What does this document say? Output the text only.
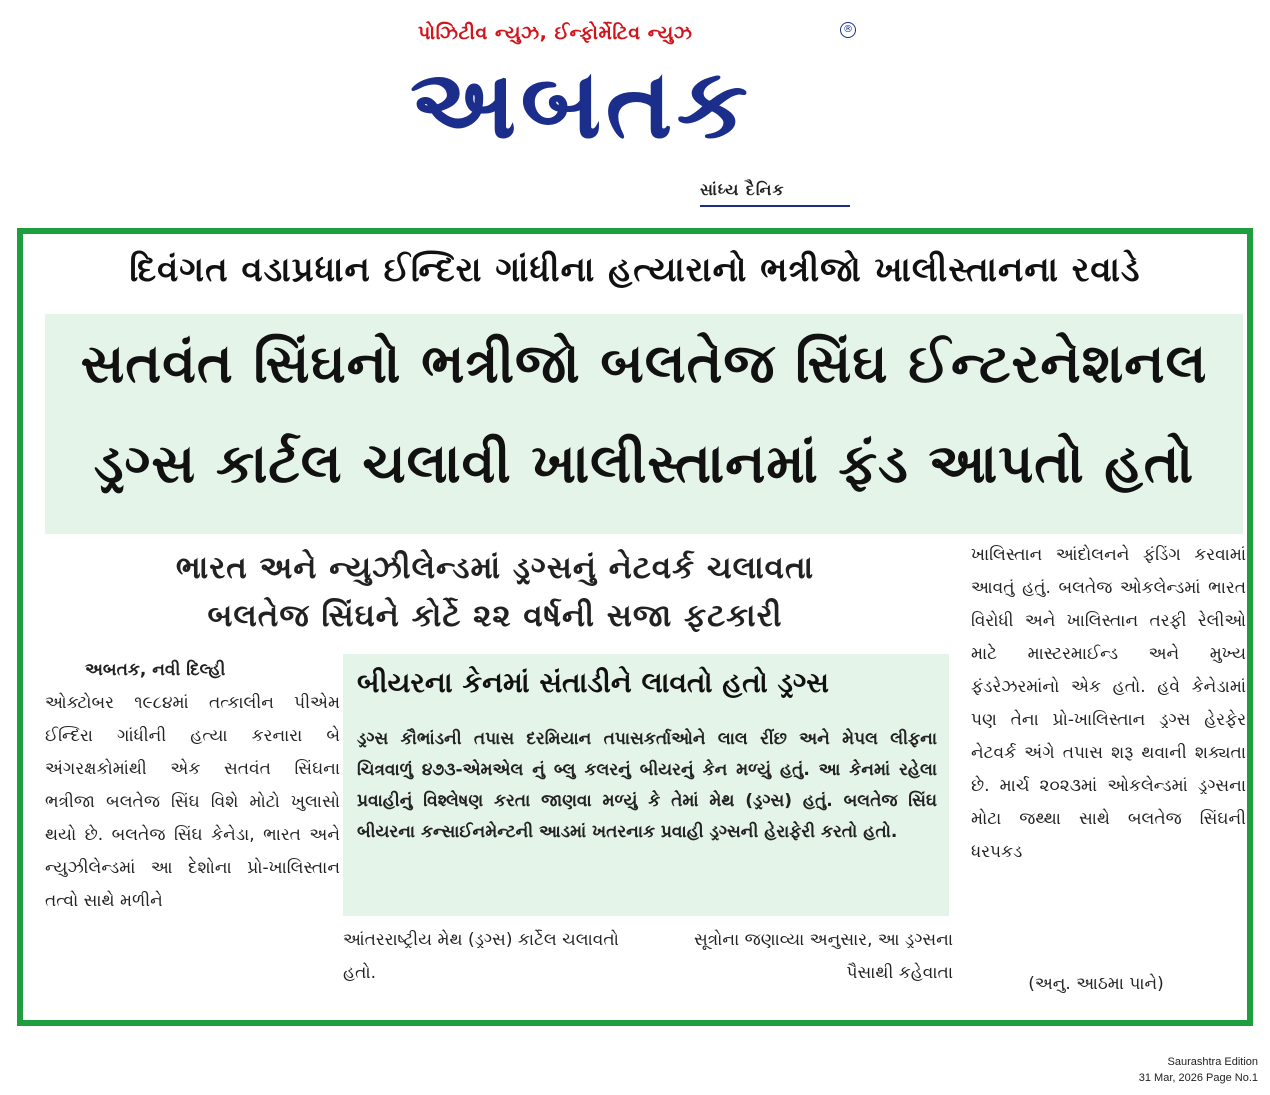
પોઝિટીવ ન્યુઝ, ઈન્ફોર્મેટિવ ન્યુઝ	®
અબતક
સાંધ્ય દૈનિક
દિવંગત વડાપ્રધાન ઈન્દિરા ગાંધીના હત્યારાનો ભત્રીજો ખાલીસ્તાનના રવાડે
સતવંત સિંઘનો ભત્રીજો બલતેજ સિંઘ ઈન્ટરનેશનલ
ડ્રગ્સ કાર્ટલ ચલાવી ખાલીસ્તાનમાં ફંડ આપતો હતો
ભારત અને ન્યુઝીલેન્ડમાં ડ્રગ્સનું નેટવર્ક ચલાવતા
બલતેજ સિંઘને કોર્ટે ૨૨ વર્ષની સજા ફટકારી
અબતક, નવી દિલ્હી
ઓક્ટોબર ૧૯૮૪માં તત્કાલીન પીએમ ઈન્દિરા ગાંધીની હત્યા કરનારા બે અંગરક્ષકોમાંથી એક સતવંત સિંઘના ભત્રીજા બલતેજ સિંઘ વિશે મોટો ખુલાસો થયો છે. બલતેજ સિંઘ કેનેડા, ભારત અને ન્યુઝીલેન્ડમાં આ દેશોના પ્રો-ખાલિસ્તાન તત્વો સાથે મળીને
બીયરના કેનમાં સંતાડીને લાવતો હતો ડ્રગ્સ
ડ્રગ્સ કૌભાંડની તપાસ દરમિયાન તપાસકર્તાઓને લાલ રીંછ અને મેપલ લીફના ચિત્રવાળું ૪૭૩-એમએલ નું બ્લુ કલરનું બીયરનું કેન મળ્યું હતું. આ કેનમાં રહેલા પ્રવાહીનું વિશ્લેષણ કરતા જાણવા મળ્યું કે તેમાં મેથ (ડ્રગ્સ) હતું. બલતેજ સિંઘ બીયરના કન્સાઈનમેન્ટની આડમાં ખતરનાક પ્રવાહી ડ્રગ્સની હેરાફેરી કરતો હતો.
આંતરરાષ્ટ્રીય મેથ (ડ્રગ્સ) કાર્ટેલ ચલાવતો હતો.
સૂત્રોના જણાવ્યા અનુસાર, આ ડ્રગ્સના પૈસાથી કહેવાતા
ખાલિસ્તાન આંદોલનને ફંડિંગ કરવામાં આવતું હતું. બલતેજ ઓકલેન્ડમાં ભારત વિરોધી અને ખાલિસ્તાન તરફી રેલીઓ માટે માસ્ટરમાઈન્ડ અને મુખ્ય ફંડરેઝરમાંનો એક હતો. હવે કેનેડામાં પણ તેના પ્રો-ખાલિસ્તાન ડ્રગ્સ હેરફેર નેટવર્ક અંગે તપાસ શરૂ થવાની શક્યતા છે. માર્ચ ૨૦૨૩માં ઓકલેન્ડમાં ડ્રગ્સના મોટા જથ્થા સાથે બલતેજ સિંઘની ધરપકડ
(અનુ. આઠમા પાને)
Saurashtra Edition
31 Mar, 2026 Page No.1
